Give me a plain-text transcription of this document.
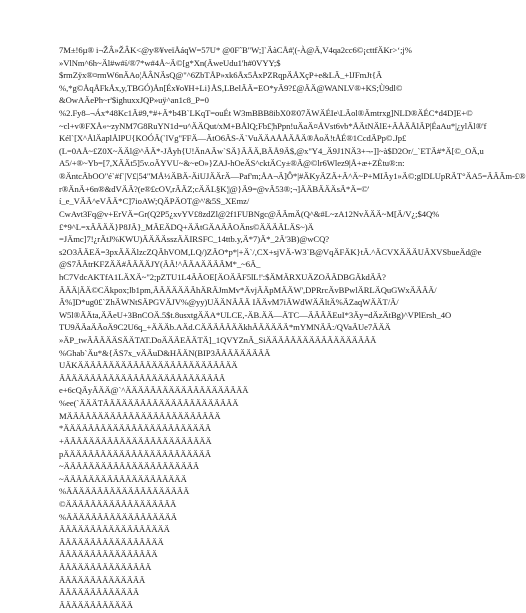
7M±!6µ® i¬ŽÂ»ŽÂK<@y®¥veïÅáqW=57U* @0FˆB"W;]`ÄàCÅ#¦(-À@Ä,V4qa2cc6©¡cttfÄKr>‘;j%
»VlNm^6h~Äl#w#í/®7*w#4Å~Ä©[g*Xn(ÄweUdu1'h#0VYY;$
$rmZÿx®¤rmW6nÄAo¦ÅÂNÄsQ@"^6ZbTÅP»xk6Åx5ÅxPZRqpÄÅXçP+e&LÄ_+lJFmJt{Ä
%,*g©ÅqÅFkÅx,y,TBGÓ)Ån[Éx¥o¥H+Li}ÅS,LBelÄÄ=EO*yÄ9?£@ÄÄ@WANLV®+KS;Ù9dl©
&OwAÄePh~r'$ighuxxJQP»uÿ^an1c8_P=0
%2.Fy8–¬Áx*48Kc1Ä#9,*#+Ä*b4B`LKqT=ouÉt W3mBBB8ibX0®07ÄWÄÉIe\LÄol®Ämtrxg]NLD®ÄÉC*d4D]E+©
~cl+v®FXÅ«~zyNM7G8RuYN1d=u^ÄÄQut/xM+BÅlQ;Fb£¦hPpn!uÄaÄ¤ÅVst6vb*ÅÄtNÄlE+ÄÅÄÅlÄP|ÉaAu*|¿ylÄl®'f
Kél`[X^ÅlÄaplÅlPU{KOÓÄ(`lVg"FFÄ—ÄtO6ÄS-Ä`VuÄÄAÅÅÄÅÄ®ÅoÄ!tÅÉ®1CcdÄPp©.Jp£
(L=0AÅ~£Z0X~ÄÄl@^ÄÄ*-JÅyh{U!ÄnAÄw`SÄ}ÄÄÄ,BÄÅ9Ä$,@x"Y4_Ä9J1NÄ3+¬-]]~à$D2Or/_`ETÄ#*Ä[©_OÄ,u
A5/+®~Yb=[7,XÄÄt5]5v.oÄYVU~&~eO»}ZAJ-hOeÄS^cktÄCy±®Ä@©lr6Wlez9|Å+æ+ZÈtu®:n:
®ÄntcÄbOO"é`#f`|V£|54"MÅ½ÄBÄ-ÄiUJÄÄrÄ—Paf'm;ÅA¬Ä]Ô*|#ÄKyÄZÄ+Ä^Ä~P+MIÄy1»Ä©;glDLUpRÄT°ÄA5=ÄÄÃm-£®
r®ÄnÄ+6n®&dVÄÄ?(e®£cOV,rÄÄZ;cÄÄL§K¦|@}Ä9=@vÄ53®;¬]ÄÄBÄÄÄsÄ*Ä=©'
í_e_VÄÄ^eVÄÄ*C]7ioAW;QÄPÄOT@^'&5S_XEmz/
CwAvt3Fq@v+ErVÄ=Gr(Q2P5¿xvYV£8zdZl@2f1FUBNgc@ÄÄmÄ(Q^&#L~zA12NvÄÄÄ~M[Ä/V¿;$4Q%
£*9^L=xÄÄÄÄ}P8JÄ}_MÄEÄDQ+ÄÄtGÄAÄÄOÄns©ÄÄÄÄLÄS~)Ä
=JÄmc]7!¿rÄtJ%KWU)ÄÄÄÄsszÄÄIRSFC_14ttb.y,Ä*7)Ä*_2Ä'3B)@wCQ?
s2O3ÄÄEÄ=3pxÄÄÄlzcZQÄhVOM,LQ/)ZÄO*p*|+Ä`/,CX+sjVÄ-W3`B@VqÄFÄK}tÄ.^ÄCVXÄÄÄUÄXVSbueÄd@e
@S7ÄÄtrKFZÄÄ#ÄÄÄÄJY(ÄÄ!^ÄÄAÄÄÄÄM*_~6Ä_
hC7VdcAKTfA1LÄXÄ~"2;pZTU1L4ÄÄOE[ÄOÄÄF5lL!':$ÄMÄRXUÄZOÄÄDBGÄkdÄÄ?
ÄÄÄ|ÄÄ©CÄkpox;lb1pm,ÄÄÄÄÄÄÄhÄRÄJmMv*ÄvjÄÄpMÄÄW',DPRrcÄvBPwlÄRLÄQuGWxÄÄÄÄ/
Ä%]D*ug0£`ZhÄWNtSÄPGVÄJV%@yy)UÄÄNÄÄÄ IÄÄvM7iÄWdWÄÄltÄ%ÄZaqWÄÄT/Ä/
W5l®ÄÄta,ÄÄeU+3BnCOÄ.5$t.8usxtgÄÄA*ULCE,-ÄB.ÄÄ—ÄTC—ÄÄÄÄEuI*3Äy=dÄzÄtBg)^VPlErsh_4O
TU9ÄÄaÄÄoÄ9C2U6q_+ÄÄÄb.AÄd.CÄÄÄÄÄÄÄkhÄÄÄÄÄÄ*mYMNÄÄ:/QVaÄUe7ÄÄÄ
»ÄP_twÄÄÄÄÄSÄÄTAT.DoÄÄÄEÄÄTÄ]_1QVYZnÄ_SiÄÄÄÄÄÄÄÄÄÄÄÄÄÄÄÄÄÄ
%Ghab`Äu*&{ÄS7x_vÄÄuD&HÄÄN(BIP3ÄÄÄÄÄÄÄÄÄ
UÄKÄÄÄÄÄÄÄÄÄÄÄÄÄÄÄÄÄÄÄÄÄÄÄÄÄÄ
ÄÄÄÄÄÄÄÄÄÄÄÄÄÄÄÄÄÄÄÄÄÄÄÄÄÄÄ
e+6cQÄyÄÄÄ@`^ÄÄÄÄÄÄÄÄÄÄÄÄÄÄÄÄÄÄÄÄ
%ee(`ÄÄÄTÄÄÄÄÄÄÄÄÄÄÄÄÄÄÄÄÄÄÄÄÄÄ
MÄÄÄÄÄÄÄÄÄÄÄÄÄÄÄÄÄÄÄÄÄÄÄÄÄ
*ÄÄÄÄÄÄÄÄÄÄÄÄÄÄÄÄÄÄÄÄÄÄÄÄ
+ÄÄÄÄÄÄÄÄÄÄÄÄÄÄÄÄÄÄÄÄÄÄÄÄ
pÄÄÄÄÄÄÄÄÄÄÄÄÄÄÄÄÄÄÄÄÄÄÄÄ
~ÄÄÄÄÄÄÄÄÄÄÄÄÄÄÄÄÄÄÄÄÄÄ
~ÄÄÄÄÄÄÄÄÄÄÄÄÄÄÄÄÄÄÄÄ
%ÄÄÄÄÄÄÄÄÄÄÄÄÄÄÄÄÄÄÄÄ
©ÄÄÄÄÄÄÄÄÄÄÄÄÄÄÄÄÄÄ
%ÄÄÄÄÄÄÄÄÄÄÄÄÄÄÄÄÄÄ
ÄÄÄÄÄÄÄÄÄÄÄÄÄÄÄÄÄÄ
ÄÄÄÄÄÄÄÄÄÄÄÄÄÄÄÄÄ
ÄÄÄÄÄÄÄÄÄÄÄÄÄÄÄÄ
ÄÄÄÄÄÄÄÄÄÄÄÄÄÄÄ
ÄÄÄÄÄÄÄÄÄÄÄÄÄÄ
ÄÄÄÄÄÄÄÄÄÄÄÄÄ
ÄÄÄÄÄÄÄÄÄÄÄÄ
